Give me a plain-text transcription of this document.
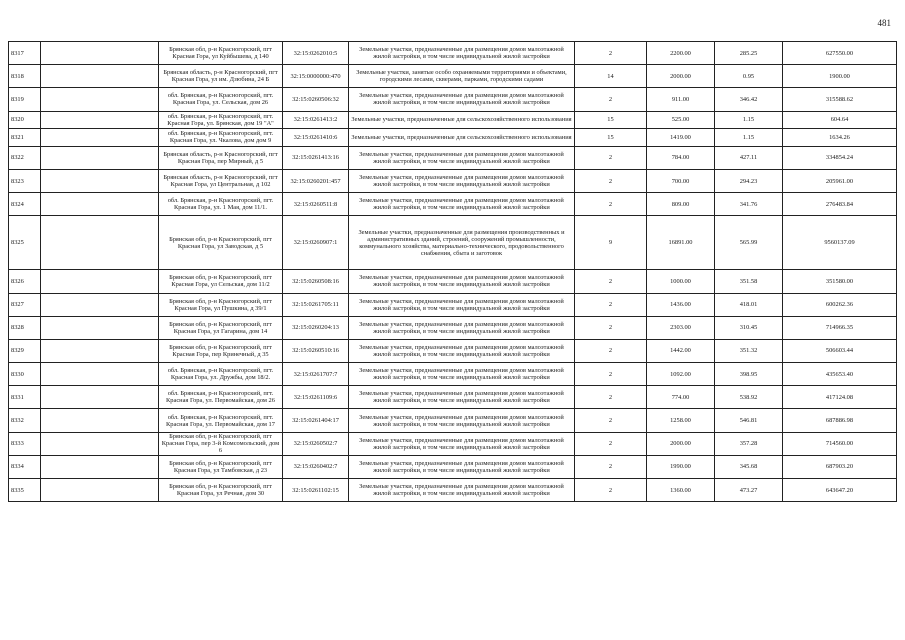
481
8317		Брянская обл, р-н Красногорский, пгт Красная Гора, ул Куйбышева, д 140	32:15:0262010:5	Земельные участки, предназначенные для размещения домов малоэтажной жилой застройки, в том числе индивидуальной жилой застройки	2	2200.00	285.25	627550.00
8318		Брянская область, р-н Красногорский, пгт Красная Гора, ул им. Дзюбина, 24 Б	32:15:0000000:470	Земельные участки, занятые особо охраняемыми территориями и объектами, городскими лесами, скверами, парками, городскими садами	14	2000.00	0.95	1900.00
8319		обл. Брянская, р-н Красногорский, пгт. Красная Гора, ул. Сельская, дом 26	32:15:0260506:32	Земельные участки, предназначенные для размещения домов малоэтажной жилой застройки, в том числе индивидуальной жилой застройки	2	911.00	346.42	315588.62
8320		обл. Брянская, р-н Красногорский, пгт. Красная Гора, ул. Брянская, дом 19 "А"	32:15:0261413:2	Земельные участки, предназначенные для сельскохозяйственного использования	15	525.00	1.15	604.64
8321		обл. Брянская, р-н Красногорский, пгт. Красная Гора, ул. Чкалова, дом дом 9	32:15:0261410:6	Земельные участки, предназначенные для сельскохозяйственного использования	15	1419.00	1.15	1634.26
8322		Брянская область, р-н Красногорский, пгт Красная Гора, пер Мирный, д 5	32:15:0261413:16	Земельные участки, предназначенные для размещения домов малоэтажной жилой застройки, в том числе индивидуальной жилой застройки	2	784.00	427.11	334854.24
8323		Брянская область, р-н Красногорский, пгт Красная Гора, ул Центральная, д 102	32:15:0260201:457	Земельные участки, предназначенные для размещения домов малоэтажной жилой застройки, в том числе индивидуальной жилой застройки	2	700.00	294.23	205961.00
8324		обл. Брянская, р-н Красногорский, пгт. Красная Гора, ул. 1 Мая, дом 11/1.	32:15:0260511:8	Земельные участки, предназначенные для размещения домов малоэтажной жилой застройки, в том числе индивидуальной жилой застройки	2	809.00	341.76	276483.84
8325		Брянская обл, р-н Красногорский, пгт Красная Гора, ул Заводская, д 5	32:15:0260907:1	Земельные участки, предназначенные для размещения производственных и административных зданий, строений, сооружений промышленности, коммунального хозяйства, материально-технического, продовольственного снабжения, сбыта и заготовок	9	16891.00	565.99	9560137.09
8326		Брянская обл, р-н Красногорский, пгт Красная Гора, ул Сельская, дом 11/2	32:15:0260508:16	Земельные участки, предназначенные для размещения домов малоэтажной жилой застройки, в том числе индивидуальной жилой застройки	2	1000.00	351.58	351580.00
8327		Брянская обл, р-н Красногорский, пгт Красная Гора, ул Пушкина, д 39/1	32:15:0261705:11	Земельные участки, предназначенные для размещения домов малоэтажной жилой застройки, в том числе индивидуальной жилой застройки	2	1436.00	418.01	600262.36
8328		Брянская обл, р-н Красногорский, пгт Красная Гора, ул Гагарина, дом 14	32:15:0260204:13	Земельные участки, предназначенные для размещения домов малоэтажной жилой застройки, в том числе индивидуальной жилой застройки	2	2303.00	310.45	714966.35
8329		Брянская обл, р-н Красногорский, пгт Красная Гора, пер Кринечный, д 35	32:15:0260510:16	Земельные участки, предназначенные для размещения домов малоэтажной жилой застройки, в том числе индивидуальной жилой застройки	2	1442.00	351.32	506603.44
8330		обл. Брянская, р-н Красногорский, пгт. Красная Гора, ул. Дружбы, дом 18/2.	32:15:0261707:7	Земельные участки, предназначенные для размещения домов малоэтажной жилой застройки, в том числе индивидуальной жилой застройки	2	1092.00	398.95	435653.40
8331		обл. Брянская, р-н Красногорский, пгт. Красная Гора, ул. Первомайская, дом 26	32:15:0261109:6	Земельные участки, предназначенные для размещения домов малоэтажной жилой застройки, в том числе индивидуальной жилой застройки	2	774.00	538.92	417124.08
8332		обл. Брянская, р-н Красногорский, пгт. Красная Гора, ул. Первомайская, дом 17	32:15:0261404:17	Земельные участки, предназначенные для размещения домов малоэтажной жилой застройки, в том числе индивидуальной жилой застройки	2	1258.00	546.81	687886.98
8333		Брянская обл, р-н Красногорский, пгт Красная Гора, пер 3-й Комсомольский, дом 6	32:15:0260502:7	Земельные участки, предназначенные для размещения домов малоэтажной жилой застройки, в том числе индивидуальной жилой застройки	2	2000.00	357.28	714560.00
8334		Брянская обл, р-н Красногорский, пгт Красная Гора, ул Тамбовская, д 23	32:15:0260402:7	Земельные участки, предназначенные для размещения домов малоэтажной жилой застройки, в том числе индивидуальной жилой застройки	2	1990.00	345.68	687903.20
8335		Брянская обл, р-н Красногорский, пгт Красная Гора, ул Речная, дом 30	32:15:0261102:15	Земельные участки, предназначенные для размещения домов малоэтажной жилой застройки, в том числе индивидуальной жилой застройки	2	1360.00	473.27	643647.20
